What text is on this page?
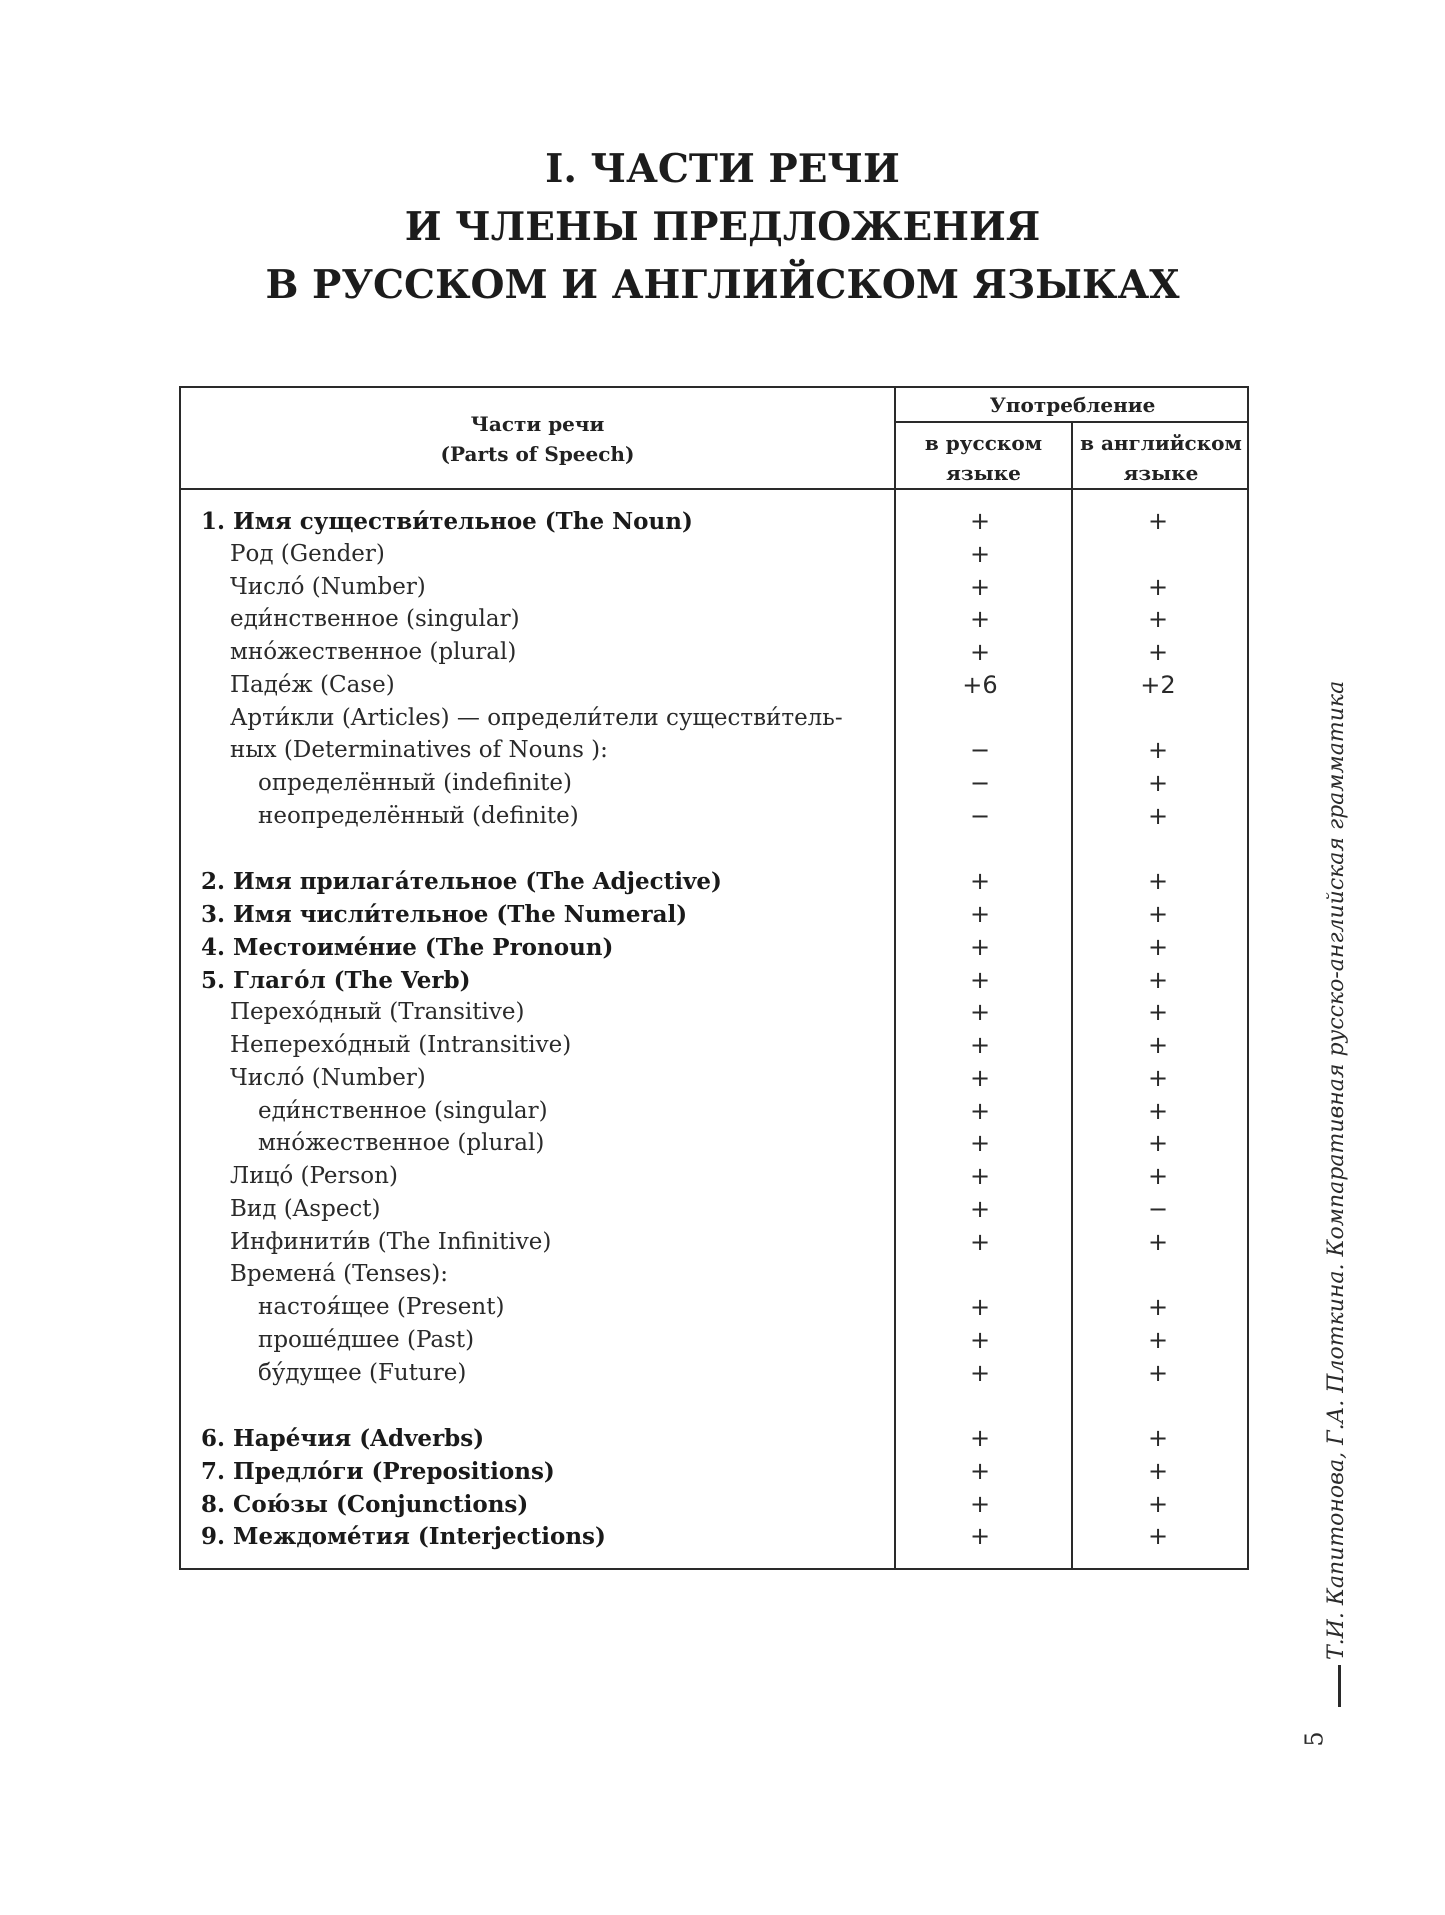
I. ЧАСТИ РЕЧИ
И ЧЛЕНЫ ПРЕДЛОЖЕНИЯ
В РУССКОМ И АНГЛИЙСКОМ ЯЗЫКАХ
Части речи
(Parts of Speech)
Употребление
в русском
языке
в английском
языке
1. Имя существи́тельное (The Noun)	+	+
Род (Gender)	+
Число́ (Number)	+	+
еди́нственное (singular)	+	+
мно́жественное (plural)	+	+
Паде́ж (Case)	+6	+2
Арти́кли (Articles) — определи́тели существи́тель-
ных (Determinatives of Nouns ):	−	+
определённый (indefinite)	−	+
неопределённый (definite)	−	+
2. Имя прилага́тельное (The Adjective)	+	+
3. Имя числи́тельное (The Numeral)	+	+
4. Местоиме́ние (The Pronoun)	+	+
5. Глаго́л (The Verb)	+	+
Перехо́дный (Transitive)	+	+
Неперехо́дный (Intransitive)	+	+
Число́ (Number)	+	+
еди́нственное (singular)	+	+
мно́жественное (plural)	+	+
Лицо́ (Person)	+	+
Вид (Aspect)	+	−
Инфинити́в (The Infinitive)	+	+
Времена́ (Tenses):
настоя́щее (Present)	+	+
проше́дшее (Past)	+	+
бу́дущее (Future)	+	+
6. Наре́чия (Adverbs)	+	+
7. Предло́ги (Prepositions)	+	+
8. Сою́зы (Conjunctions)	+	+
9. Междоме́тия (Interjections)	+	+	Т.И. Капитонова, Г.А. Плоткина. Компаративная русско-английская грамматика
5
